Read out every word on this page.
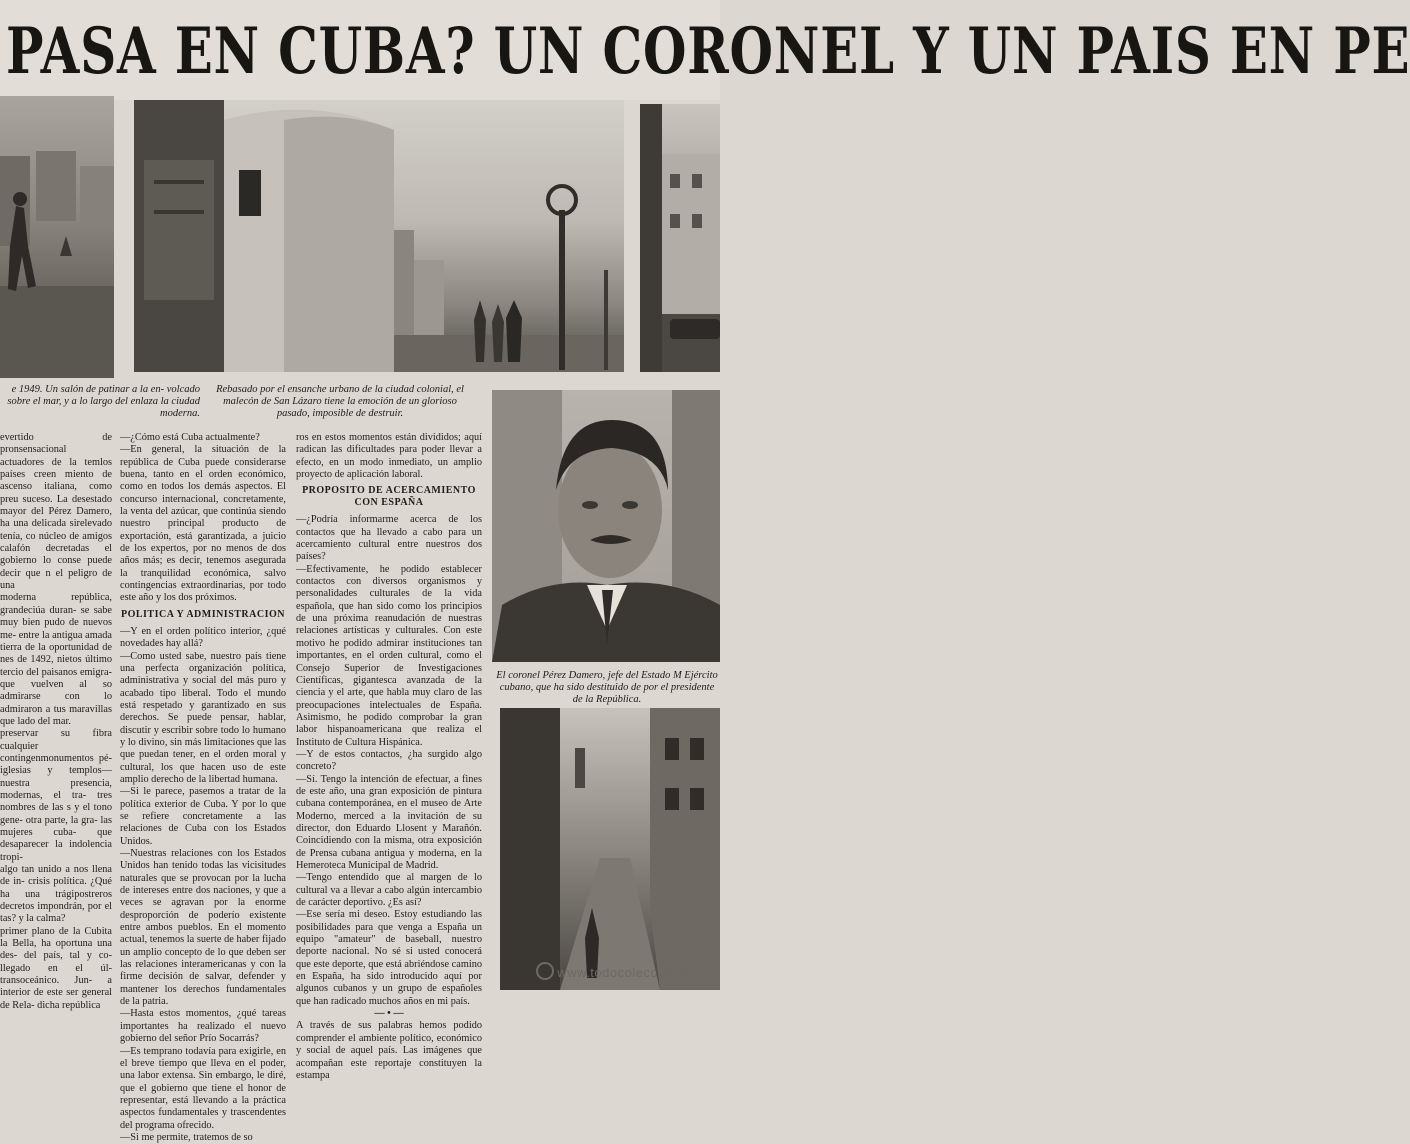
PASA EN CUBA? UN CORONEL Y UN PAIS EN PE
e 1949. Un salón de patinar a la en- volcado sobre el mar, y a lo largo del enlaza la ciudad moderna.
Rebasado por el ensanche urbano de la ciudad colonial, el malecón de San Lázaro tiene la emoción de un glorioso pasado, imposible de destruir.

evertido de pronsensacional actuadores de la temlos países creen miento de ascenso italiana, como preu suceso. La desestado mayor del Pérez Damero, ha una delicada sirelevado tenía, co núcleo de amigos calafón decretadas el gobierno lo conse puede decir que n el peligro de una

moderna república, grandeciúa duran- se sabe muy bien pudo de nuevos me- entre la antigua amada tierra de la oportunidad de nes de 1492, nietos último tercio del paisanos emigra- que vuelven al so admirarse con lo admiraron a tus maravillas que lado del mar.

preservar su fibra cualquier contingenmonumentos pé- iglesias y templos— nuestra presencia, modernas, el tra- tres nombres de las s y el tono gene- otra parte, la gra- las mujeres cuba- que desaparecer la indolencia tropi-

algo tan unido a nos llena de in- crisis política. ¿Qué ha una trágipostreros decretos impondrán, por el tas? y la calma?

primer plano de la Cubita la Bella, ha oportuna una des- del país, tal y co- llegado en el úl- transoceánico. Jun- a interior de este ser general de Rela- dicha república

—¿Cómo está Cuba actualmente?

—En general, la situación de la república de Cuba puede considerarse buena, tanto en el orden económico, como en todos los demás aspectos. El concurso internacional, concretamente, la venta del azúcar, que continúa siendo nuestro principal producto de exportación, está garantizada, a juicio de los expertos, por no menos de dos años más; es decir, tenemos asegurada la tranquilidad económica, salvo contingencias extraordinarias, por todo este año y los dos próximos.

POLITICA Y ADMINISTRACION

—Y en el orden político interior, ¿qué novedades hay allá?

—Como usted sabe, nuestro país tiene una perfecta organización política, administrativa y social del más puro y acabado tipo liberal. Todo el mundo está respetado y garantizado en sus derechos. Se puede pensar, hablar, discutir y escribir sobre todo lo humano y lo divino, sin más limitaciones que las que puedan tener, en el orden moral y cultural, los que hacen uso de este amplio derecho de la libertad humana.

—Si le parece, pasemos a tratar de la política exterior de Cuba. Y por lo que se refiere concretamente a las relaciones de Cuba con los Estados Unidos.

—Nuestras relaciones con los Estados Unidos han tenido todas las vicisitudes naturales que se provocan por la lucha de intereses entre dos naciones, y que a veces se agravan por la enorme desproporción de poderío existente entre ambos pueblos. En el momento actual, tenemos la suerte de haber fijado un amplio concepto de lo que deben ser las relaciones interamericanas y con la firme decisión de salvar, defender y mantener los derechos fundamentales de la patria.

—Hasta estos momentos, ¿qué tareas importantes ha realizado el nuevo gobierno del señor Prío Socarrás?

—Es temprano todavía para exigirle, en el breve tiempo que lleva en el poder, una labor extensa. Sin embargo, le diré, que el gobierno que tiene el honor de representar, está llevando a la práctica aspectos fundamentales y trascendentes del programa ofrecido.

—Si me permite, tratemos de so

ros en estos momentos están divididos; aquí radican las dificultades para poder llevar a efecto, en un modo inmediato, un amplio proyecto de aplicación laboral.

PROPOSITO DE ACERCAMIENTO CON ESPAÑA

—¿Podría informarme acerca de los contactos que ha llevado a cabo para un acercamiento cultural entre nuestros dos países?

—Efectivamente, he podido establecer contactos con diversos organismos y personalidades culturales de la vida española, que han sido como los principios de una próxima reanudación de nuestras relaciones artísticas y culturales. Con este motivo he podido admirar instituciones tan importantes, en el orden cultural, como el Consejo Superior de Investigaciones Científicas, gigantesca avanzada de la ciencia y el arte, que habla muy claro de las preocupaciones intelectuales de España. Asimismo, he podido comprobar la gran labor hispanoamericana que realiza el Instituto de Cultura Hispánica.

—Y de estos contactos, ¿ha surgido algo concreto?

—Sí. Tengo la intención de efectuar, a fines de este año, una gran exposición de pintura cubana contemporánea, en el museo de Arte Moderno, merced a la invitación de su director, don Eduardo Llosent y Marañón. Coincidiendo con la misma, otra exposición de Prensa cubana antigua y moderna, en la Hemeroteca Municipal de Madrid.

—Tengo entendido que al margen de lo cultural va a llevar a cabo algún intercambio de carácter deportivo. ¿Es así?

—Ese sería mi deseo. Estoy estudiando las posibilidades para que venga a España un equipo "amateur" de baseball, nuestro deporte nacional. No sé si usted conocerá que este deporte, que está abriéndose camino en España, ha sido introducido aquí por algunos cubanos y un grupo de españoles que han radicado muchos años en mi país.

— • —

A través de sus palabras hemos podido comprender el ambiente político, económico y social de aquel país. Las imágenes que acompañan este reportaje constituyen la estampa

El coronel Pérez Damero, jefe del Estado M Ejército cubano, que ha sido destituido de por el presidente de la República.
www.todocoleccion.net
